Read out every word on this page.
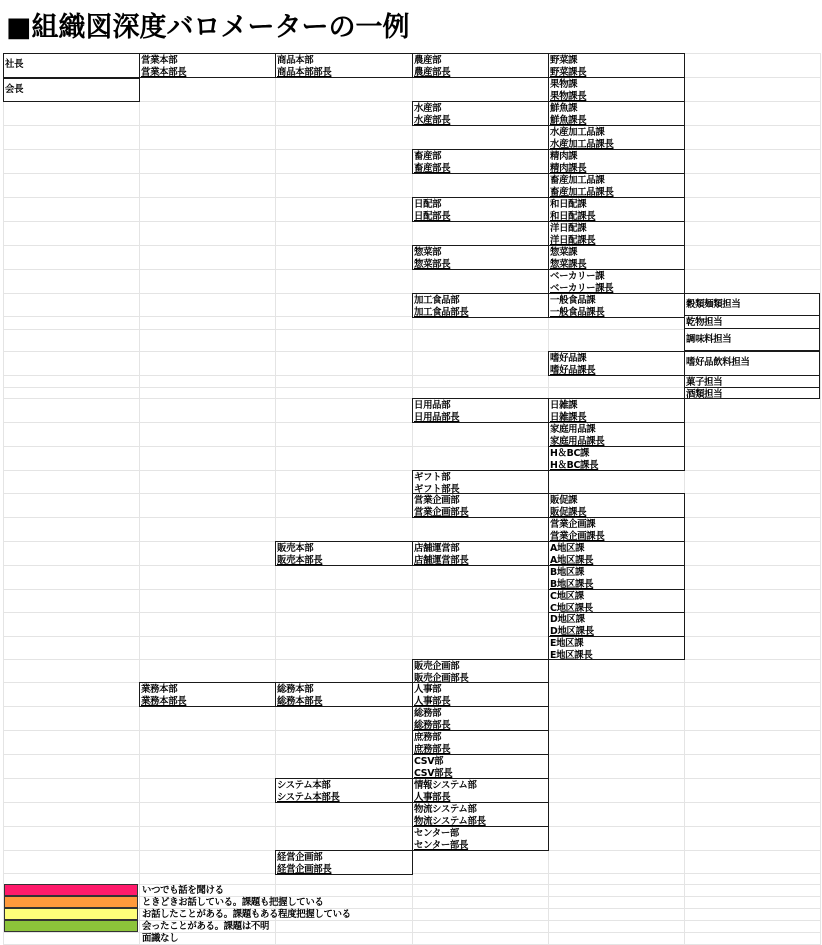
■組織図深度バロメーターの一例
社長
会長
営業本部
営業本部長
商品本部
商品本部部長
農産部
農産部長
野菜課
野菜課長
果物課
果物課長
水産部
水産部長
鮮魚課
鮮魚課長
水産加工品課
水産加工品課長
畜産部
畜産部長
精肉課
精肉課長
畜産加工品課
畜産加工品課長
日配部
日配部長
和日配課
和日配課長
洋日配課
洋日配課長
惣菜部
惣菜部長
惣菜課
惣菜課長
ベーカリー課
ベーカリー課長
加工食品部
加工食品部長
一般食品課
一般食品課長
穀類麺類担当
乾物担当
調味料担当
嗜好品課
嗜好品課長
嗜好品飲料担当
菓子担当
酒類担当
日用品部
日用品部長
日雑課
日雑課長
家庭用品課
家庭用品課長
H＆BC課
H＆BC課長
ギフト部
ギフト部長
営業企画部
営業企画部長
販促課
販促課長
営業企画課
営業企画課長
販売本部
販売本部長
店舗運営部
店舗運営部長
A地区課
A地区課長
B地区課
B地区課長
C地区課
C地区課長
D地区課
D地区課長
E地区課
E地区課長
販売企画部
販売企画部長
業務本部
業務本部長
総務本部
総務本部長
人事部
人事部長
総務部
総務部長
庶務部
庶務部長
CSV部
CSV部長
システム本部
システム本部長
情報システム部
人事部長
物流システム部
物流システム部長
センター部
センター部長
経営企画部
経営企画部長
いつでも話を聞ける
ときどきお話している。課題も把握している
お話したことがある。課題もある程度把握している
会ったことがある。課題は不明
面識なし
